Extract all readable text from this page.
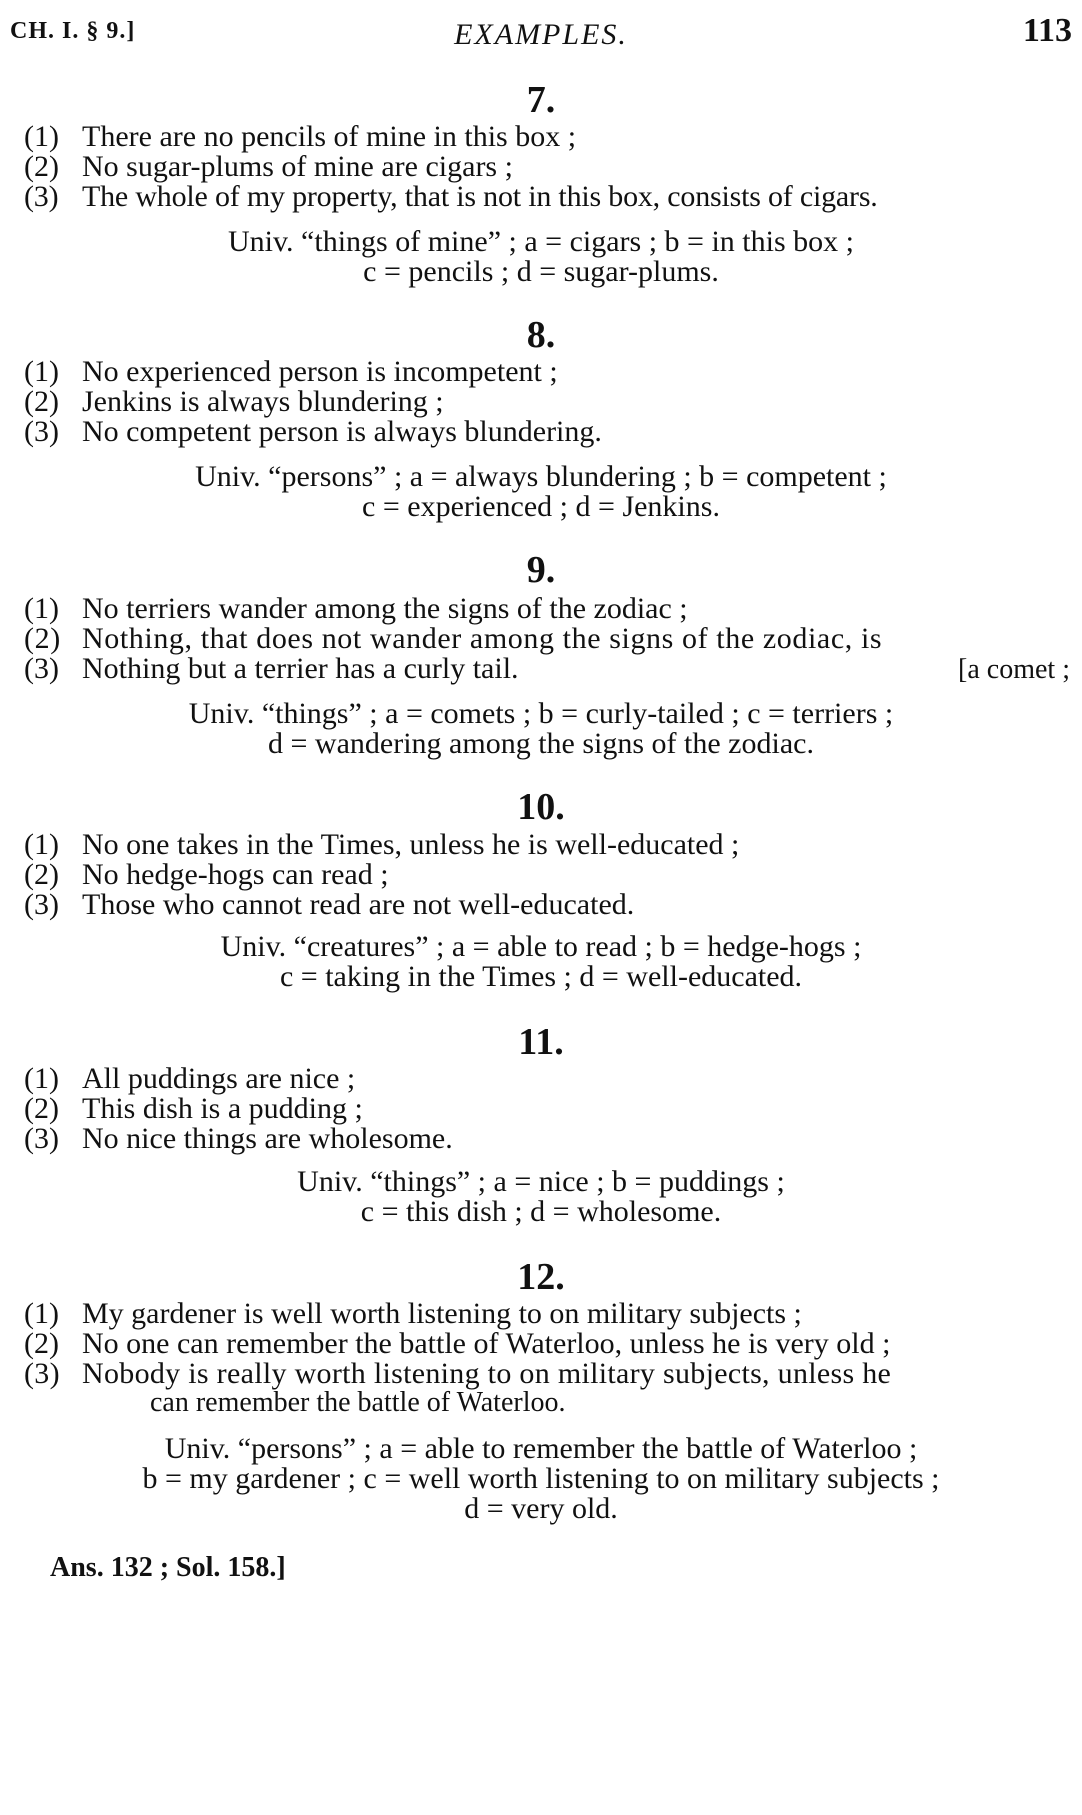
CH. I. § 9.]	EXAMPLES.	113
7.
(1) There are no pencils of mine in this box ;
(2) No sugar-plums of mine are cigars ;
(3) The whole of my property, that is not in this box, consists of cigars.
Univ. “things of mine” ; a = cigars ; b = in this box ;
c = pencils ; d = sugar-plums.
8.
(1) No experienced person is incompetent ;
(2) Jenkins is always blundering ;
(3) No competent person is always blundering.
Univ. “persons” ; a = always blundering ; b = competent ;
c = experienced ; d = Jenkins.
9.
(1) No terriers wander among the signs of the zodiac ;
(2) Nothing, that does not wander among the signs of the zodiac, is
(3) Nothing but a terrier has a curly tail.	[a comet ;
Univ. “things” ; a = comets ; b = curly-tailed ; c = terriers ;
d = wandering among the signs of the zodiac.
10.
(1) No one takes in the Times, unless he is well-educated ;
(2) No hedge-hogs can read ;
(3) Those who cannot read are not well-educated.
Univ. “creatures” ; a = able to read ; b = hedge-hogs ;
c = taking in the Times ; d = well-educated.
11.
(1) All puddings are nice ;
(2) This dish is a pudding ;
(3) No nice things are wholesome.
Univ. “things” ; a = nice ; b = puddings ;
c = this dish ; d = wholesome.
12.
(1) My gardener is well worth listening to on military subjects ;
(2) No one can remember the battle of Waterloo, unless he is very old ;
(3) Nobody is really worth listening to on military subjects, unless he
can remember the battle of Waterloo.
Univ. “persons” ; a = able to remember the battle of Waterloo ;
b = my gardener ; c = well worth listening to on military subjects ;
d = very old.
Ans. 132 ; Sol. 158.]
